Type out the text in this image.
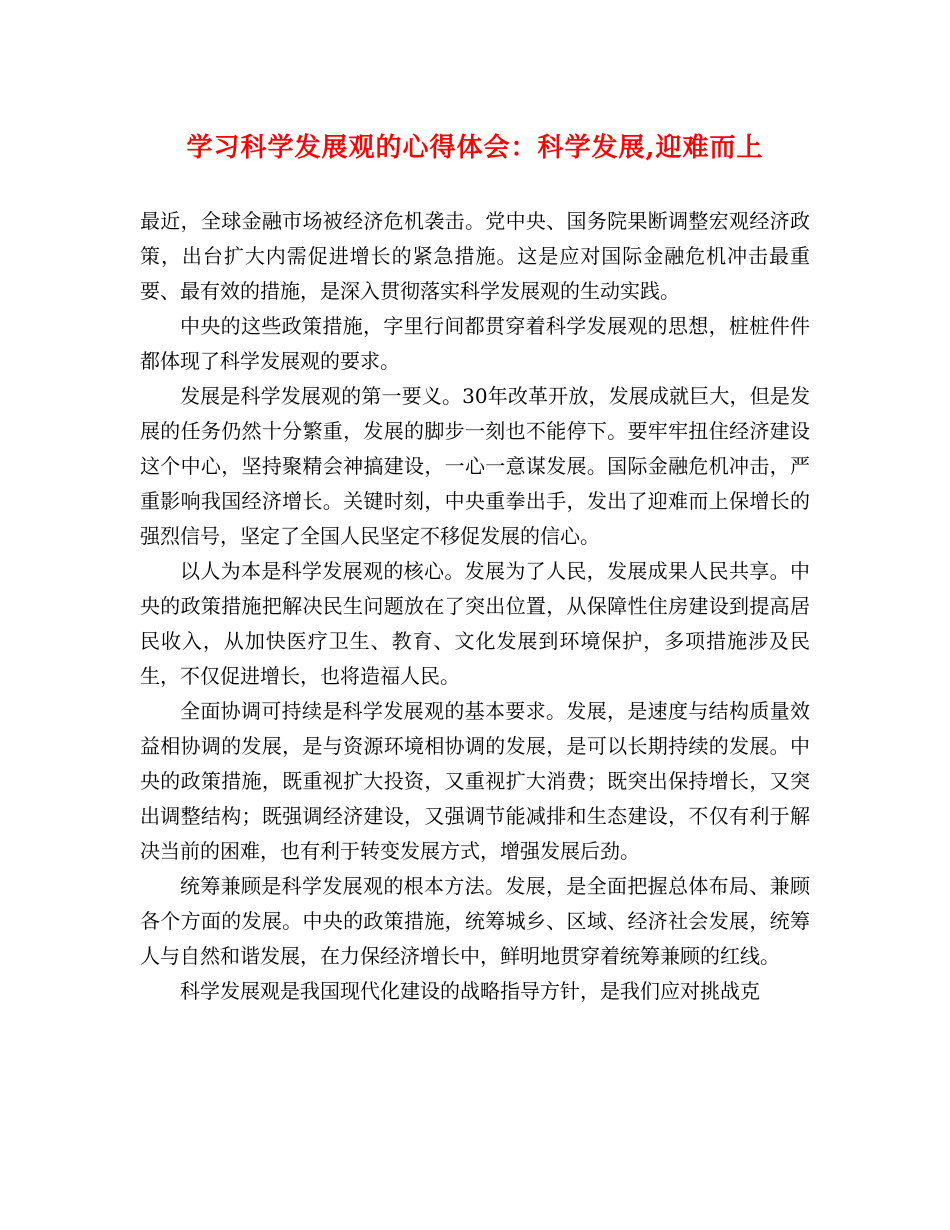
学习科学发展观的心得体会：科学发展,迎难而上

最近，全球金融市场被经济危机袭击。党中央、国务院果断调整宏观经济政策，出台扩大内需促进增长的紧急措施。这是应对国际金融危机冲击最重要、最有效的措施，是深入贯彻落实科学发展观的生动实践。

中央的这些政策措施，字里行间都贯穿着科学发展观的思想，桩桩件件都体现了科学发展观的要求。

发展是科学发展观的第一要义。30年改革开放，发展成就巨大，但是发展的任务仍然十分繁重，发展的脚步一刻也不能停下。要牢牢扭住经济建设这个中心，坚持聚精会神搞建设，一心一意谋发展。国际金融危机冲击，严重影响我国经济增长。关键时刻，中央重拳出手，发出了迎难而上保增长的强烈信号，坚定了全国人民坚定不移促发展的信心。

以人为本是科学发展观的核心。发展为了人民，发展成果人民共享。中央的政策措施把解决民生问题放在了突出位置，从保障性住房建设到提高居民收入，从加快医疗卫生、教育、文化发展到环境保护，多项措施涉及民生，不仅促进增长，也将造福人民。

全面协调可持续是科学发展观的基本要求。发展，是速度与结构质量效益相协调的发展，是与资源环境相协调的发展，是可以长期持续的发展。中央的政策措施，既重视扩大投资，又重视扩大消费；既突出保持增长，又突出调整结构；既强调经济建设，又强调节能减排和生态建设，不仅有利于解决当前的困难，也有利于转变发展方式，增强发展后劲。

统筹兼顾是科学发展观的根本方法。发展，是全面把握总体布局、兼顾各个方面的发展。中央的政策措施，统筹城乡、区域、经济社会发展，统筹人与自然和谐发展，在力保经济增长中，鲜明地贯穿着统筹兼顾的红线。

科学发展观是我国现代化建设的战略指导方针，是我们应对挑战克
